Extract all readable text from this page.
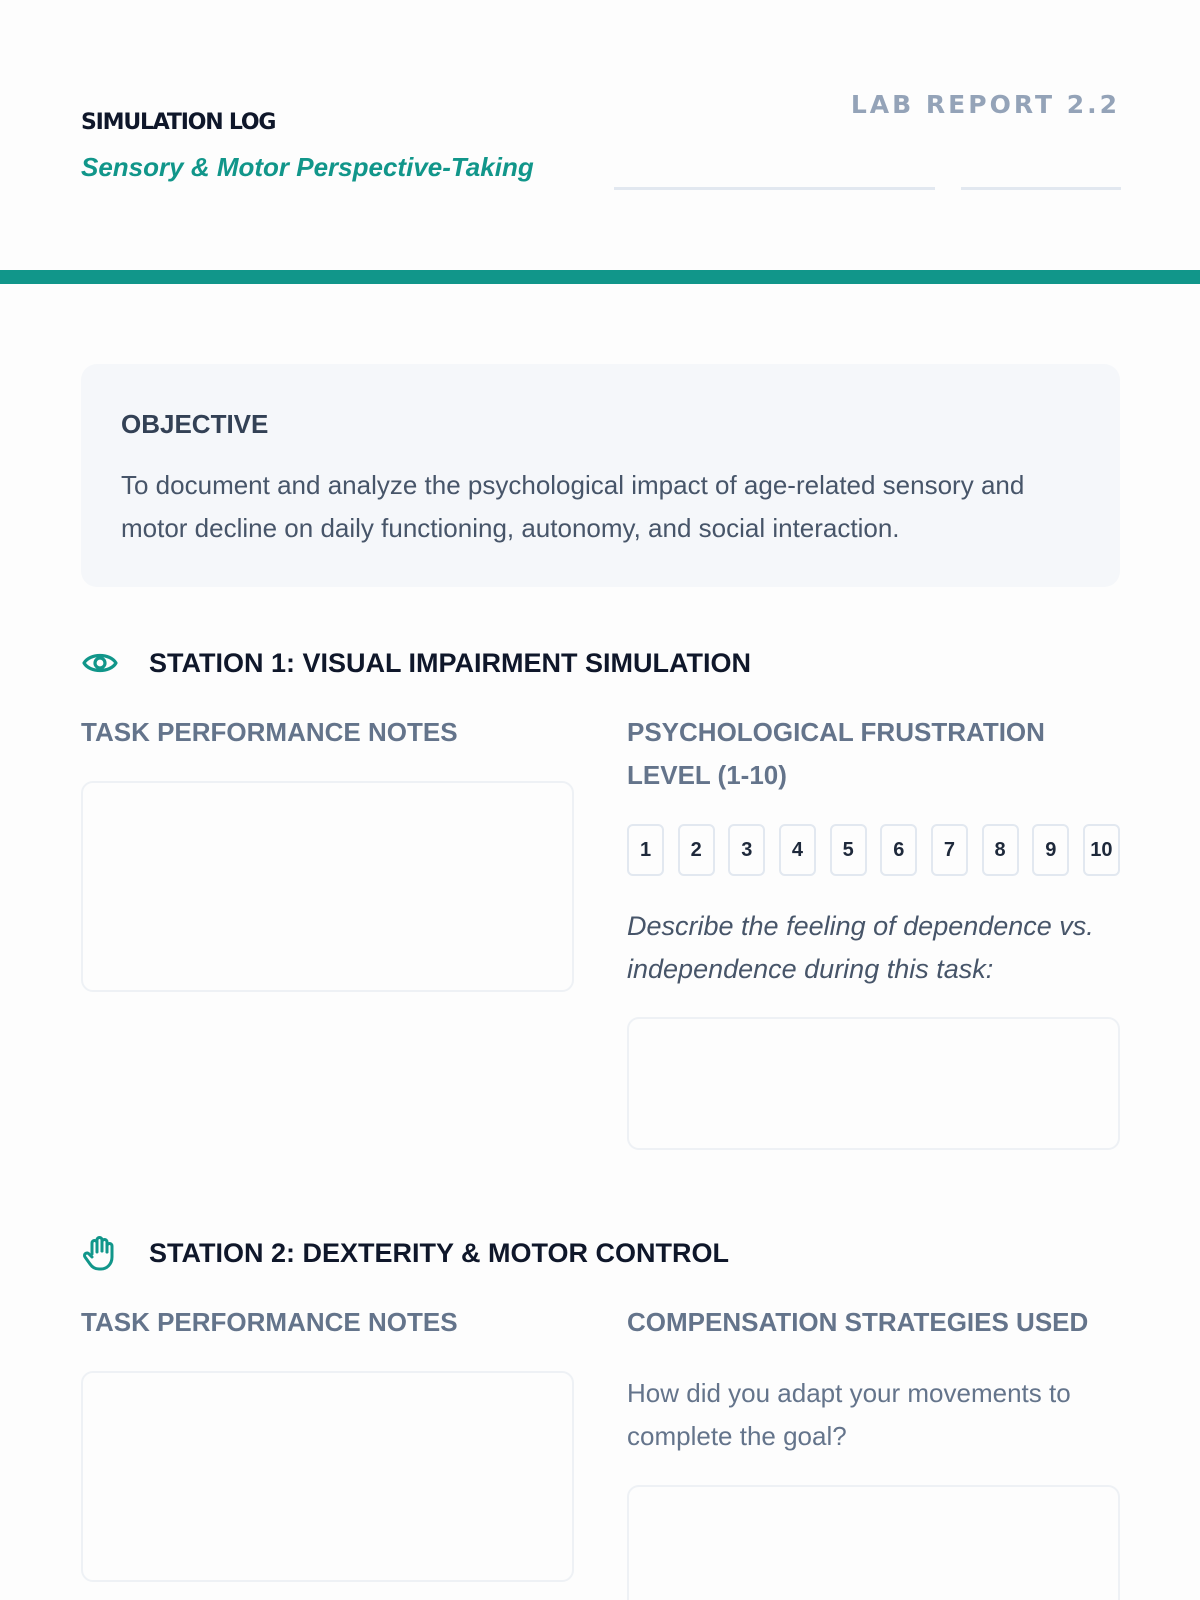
SIMULATION LOG
Sensory & Motor Perspective-Taking
LAB REPORT 2.2
OBJECTIVE

To document and analyze the psychological impact of age-related sensory and motor decline on daily functioning, autonomy, and social interaction.

STATION 1: VISUAL IMPAIRMENT SIMULATION
TASK PERFORMANCE NOTES	PSYCHOLOGICAL FRUSTRATION LEVEL (1-10)
1	2	3	4	5	6	7	8	9	10
Describe the feeling of dependence vs. independence during this task:
STATION 2: DEXTERITY & MOTOR CONTROL
TASK PERFORMANCE NOTES	COMPENSATION STRATEGIES USED
How did you adapt your movements to complete the goal?
